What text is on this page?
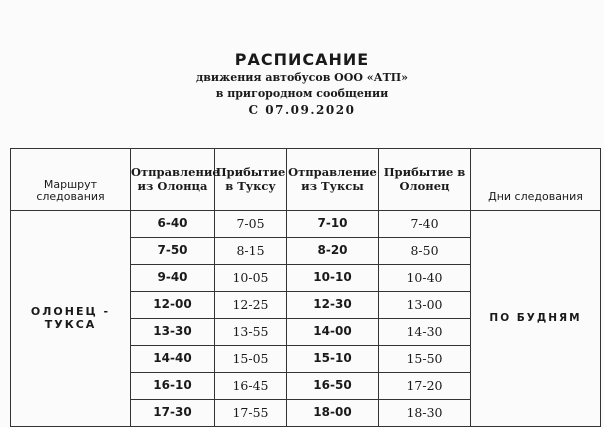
РАСПИСАНИЕ
движения автобусов ООО «АТП»
в пригородном сообщении
С 07.09.2020
Маршрут следования	Отправление из Олонца	Прибытие в Туксу	Отправление из Туксы	Прибытие в Олонец	Дни следования
ОЛОНЕЦ - ТУКСА	6-40	7-05	7-10	7-40	ПО БУДНЯМ
	7-50	8-15	8-20	8-50	
	9-40	10-05	10-10	10-40	
	12-00	12-25	12-30	13-00	
	13-30	13-55	14-00	14-30	
	14-40	15-05	15-10	15-50	
	16-10	16-45	16-50	17-20	
	17-30	17-55	18-00	18-30	
